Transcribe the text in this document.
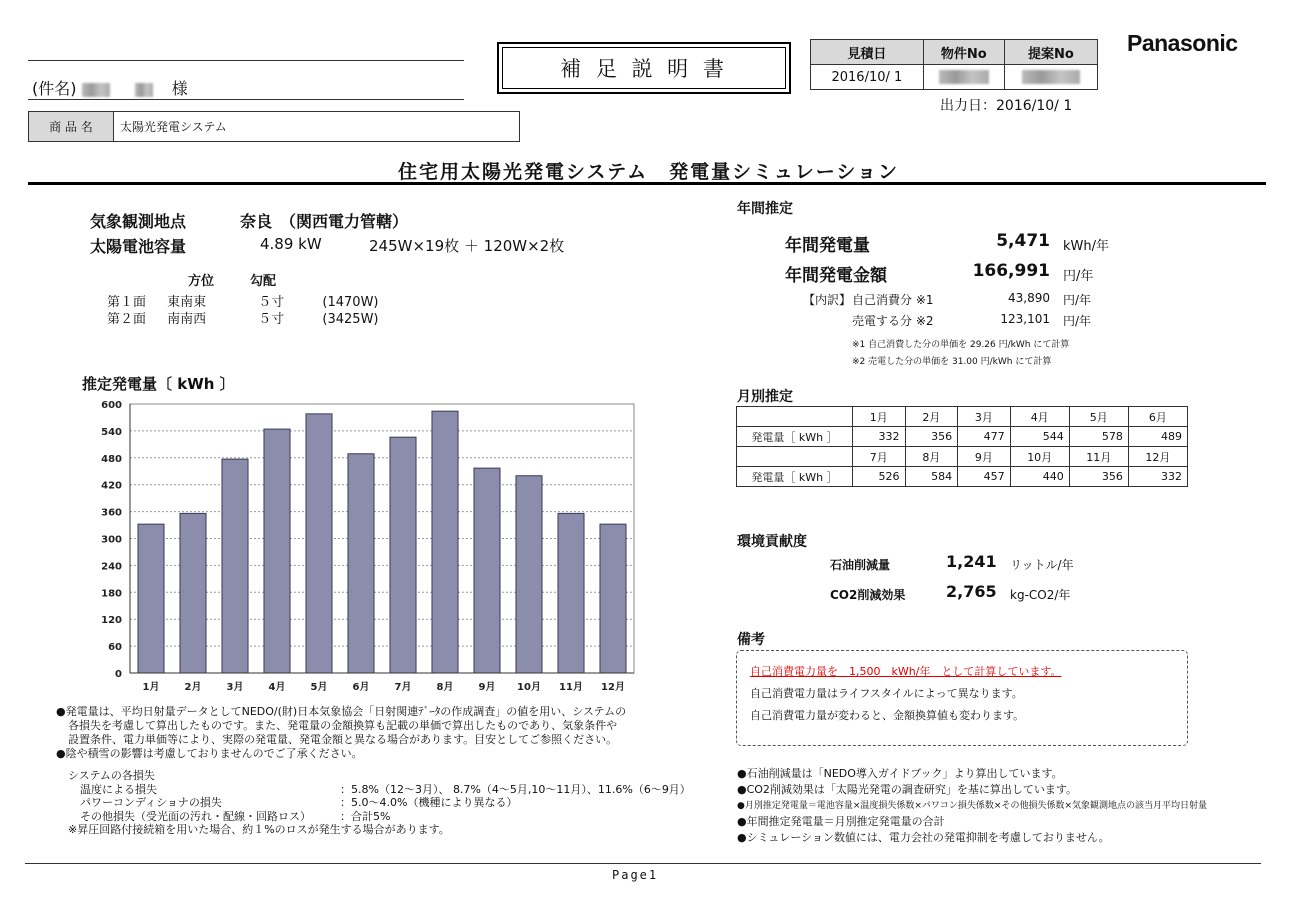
(件名)	様
補 足 説 明 書
見積日	物件No	提案No
2016/10/ 1		
出力日：2016/10/ 1
Panasonic
商 品 名	太陽光発電システム
住宅用太陽光発電システム　発電量シミュレーション
気象観測地点	奈良　（関西電力管轄）
太陽電池容量	4.89 kW	245W×19枚 ＋ 120W×2枚
方位	勾配
第１面 東南東	５寸	(1470W)
第２面 南南西	５寸	(3425W)
推定発電量〔 kWh 〕
0
60
120
180
240
300
360
420
480
540
600
1月	2月	3月	4月	5月	6月	7月	8月	9月 10月 11月 12月
●発電量は、平均日射量データとしてNEDO/(財)日本気象協会「日射関連ﾃﾞｰﾀの作成調査」の値を用い、システムの
各損失を考慮して算出したものです。また、発電量の金額換算も記載の単価で算出したものであり、気象条件や
設置条件、電力単価等により、実際の発電量、発電金額と異なる場合があります。目安としてご参照ください。
●陰や積雪の影響は考慮しておりませんのでご了承ください。
システムの各損失
温度による損失	：5.8%（12～3月）、 8.7%（4～5月,10～11月）、11.6%（6～9月）
パワーコンディショナの損失	：5.0～4.0%（機種により異なる）
その他損失（受光面の汚れ・配線・回路ロス）	：合計5%
※昇圧回路付接続箱を用いた場合、約１%のロスが発生する場合があります。
年間推定
年間発電量	5,471 kWh/年
年間発電金額	166,991 円/年
【内訳】 自己消費分 ※1	43,890 円/年
売電する分 ※2	123,101 円/年
※1 自己消費した分の単価を 29.26 円/kWh にて計算
※2 売電した分の単価を 31.00 円/kWh にて計算
月別推定
	1月	2月	3月	4月	5月	6月
発電量［ kWh ］	332	356	477	544	578	489
	7月	8月	9月	10月	11月	12月
発電量［ kWh ］	526	584	457	440	356	332
環境貢献度
石油削減量	1,241 リットル/年
CO2削減効果	2,765 kg-CO2/年
備考
自己消費電力量を　1,500　kWh/年　として計算しています。
自己消費電力量はライフスタイルによって異なります。
自己消費電力量が変わると、金額換算値も変わります。
●石油削減量は「NEDO導入ガイドブック」より算出しています。
●CO2削減効果は「太陽光発電の調査研究」を基に算出しています。
●月別推定発電量＝電池容量×温度損失係数×パワコン損失係数×その他損失係数×気象観測地点の該当月平均日射量
●年間推定発電量＝月別推定発電量の合計
●シミュレーション数値には、電力会社の発電抑制を考慮しておりません。
Page1
